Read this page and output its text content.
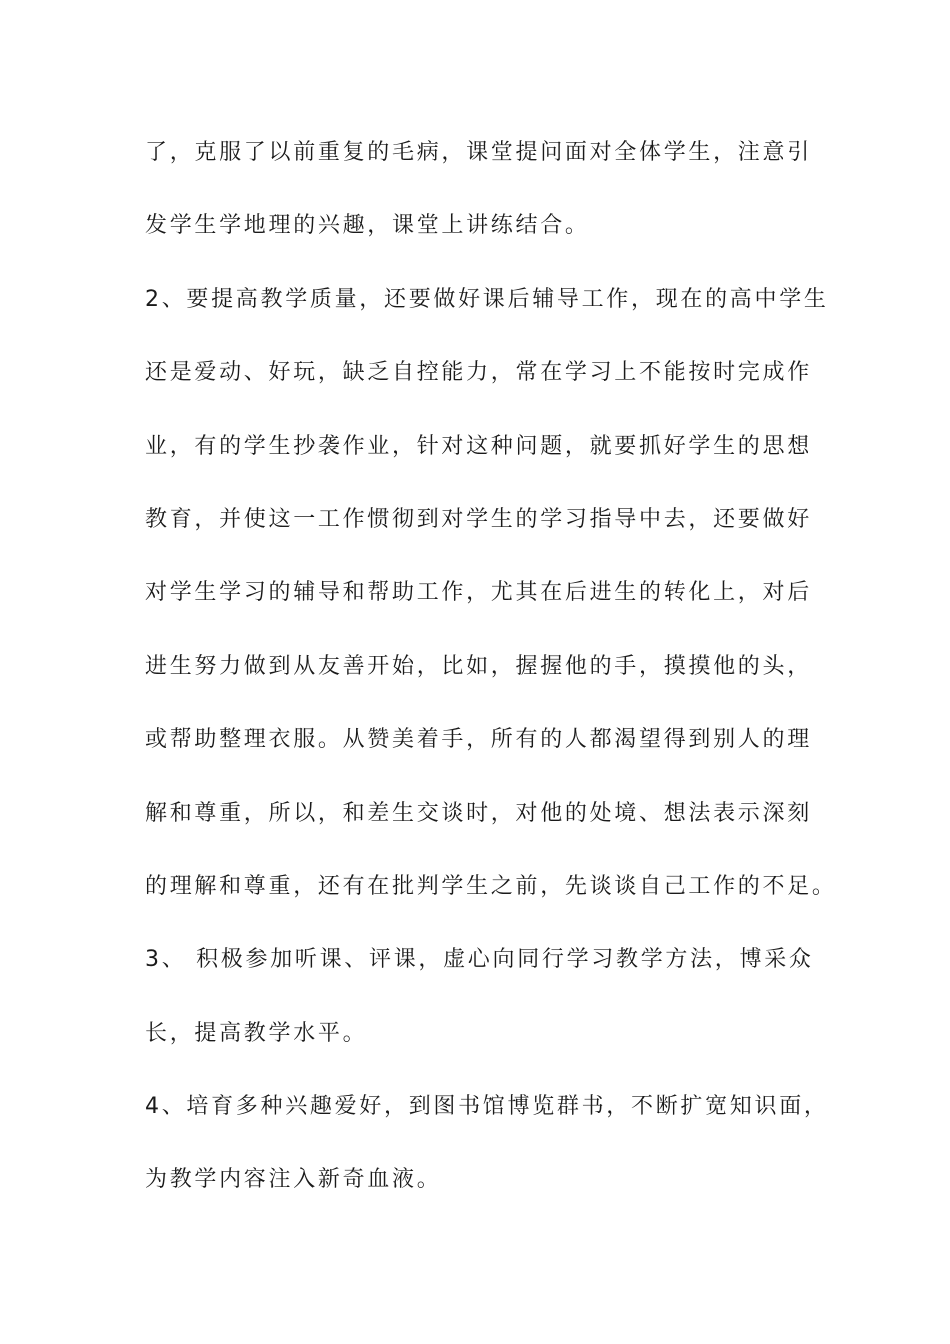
了，克服了以前重复的毛病，课堂提问面对全体学生，注意引
发学生学地理的兴趣，课堂上讲练结合。
2、要提高教学质量，还要做好课后辅导工作，现在的高中学生
还是爱动、好玩，缺乏自控能力，常在学习上不能按时完成作
业，有的学生抄袭作业，针对这种问题，就要抓好学生的思想
教育，并使这一工作惯彻到对学生的学习指导中去，还要做好
对学生学习的辅导和帮助工作，尤其在后进生的转化上，对后
进生努力做到从友善开始，比如，握握他的手，摸摸他的头，
或帮助整理衣服。从赞美着手，所有的人都渴望得到别人的理
解和尊重，所以，和差生交谈时，对他的处境、想法表示深刻
的理解和尊重，还有在批判学生之前，先谈谈自己工作的不足。
3、 积极参加听课、评课，虚心向同行学习教学方法，博采众
长，提高教学水平。
4、培育多种兴趣爱好，到图书馆博览群书，不断扩宽知识面，
为教学内容注入新奇血液。
